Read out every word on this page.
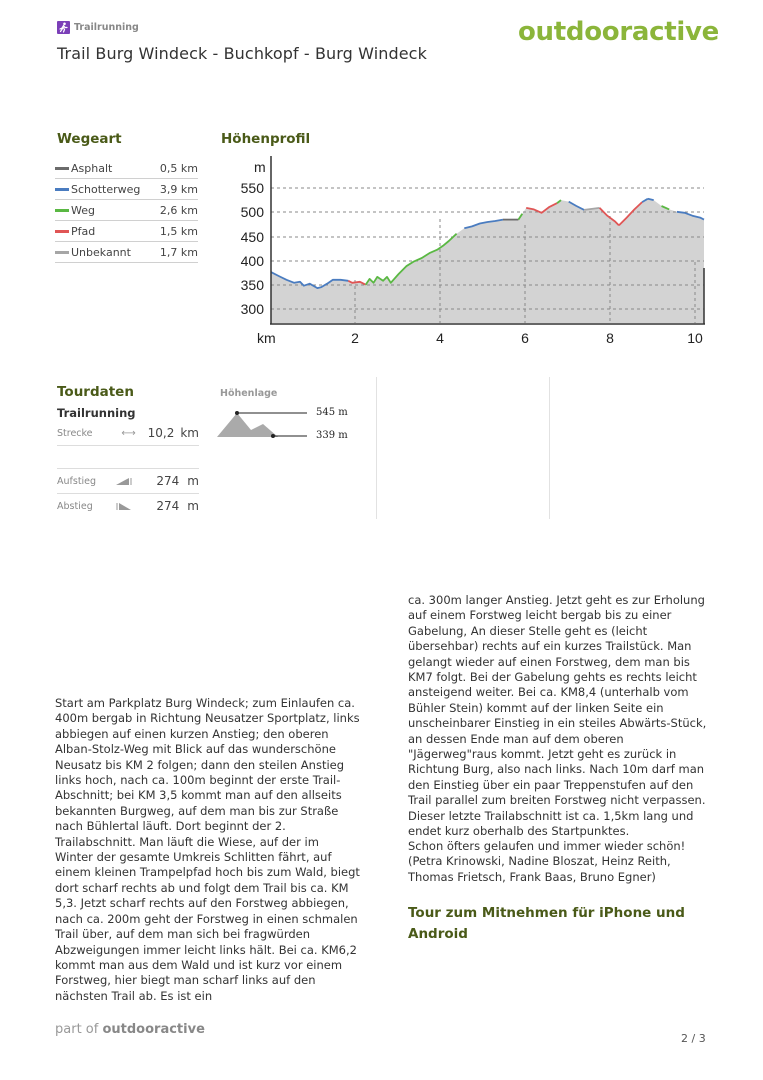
Trailrunning
Trail Burg Windeck - Buchkopf - Burg Windeck
outdooractive
Wegeart
Asphalt	0,5 km
Schotterweg 3,9 km
Weg	2,6 km
Pfad	1,5 km
Unbekannt	1,7 km
Höhenprofil
m
550
500
450
400
350
300
km	2	4	6	8	10
Tourdaten
Trailrunning
Strecke	⟷ 10,2 km
Aufstieg	274 m
Abstieg	274 m
Höhenlage
545 m
339 m
Start am Parkplatz Burg Windeck; zum Einlaufen ca. 400m bergab in Richtung Neusatzer Sportplatz, links abbiegen auf einen kurzen Anstieg; den oberen Alban-Stolz-Weg mit Blick auf das wunderschöne Neusatz bis KM 2 folgen; dann den steilen Anstieg links hoch, nach ca. 100m beginnt der erste Trail-Abschnitt; bei KM 3,5 kommt man auf den allseits bekannten Burgweg, auf dem man bis zur Straße nach Bühlertal läuft. Dort beginnt der 2. Trailabschnitt. Man läuft die Wiese, auf der im Winter der gesamte Umkreis Schlitten fährt, auf einem kleinen Trampelpfad hoch bis zum Wald, biegt dort scharf rechts ab und folgt dem Trail bis ca. KM 5,3. Jetzt scharf rechts auf den Forstweg abbiegen, nach ca. 200m geht der Forstweg in einen schmalen Trail über, auf dem man sich bei fragwürden Abzweigungen immer leicht links hält. Bei ca. KM6,2 kommt man aus dem Wald und ist kurz vor einem Forstweg, hier biegt man scharf links auf den nächsten Trail ab. Es ist ein
ca. 300m langer Anstieg. Jetzt geht es zur Erholung auf einem Forstweg leicht bergab bis zu einer Gabelung, An dieser Stelle geht es (leicht übersehbar) rechts auf ein kurzes Trailstück. Man gelangt wieder auf einen Forstweg, dem man bis KM7 folgt. Bei der Gabelung gehts es rechts leicht ansteigend weiter. Bei ca. KM8,4 (unterhalb vom Bühler Stein) kommt auf der linken Seite ein unscheinbarer Einstieg in ein steiles Abwärts-Stück, an dessen Ende man auf dem oberen "Jägerweg"raus kommt. Jetzt geht es zurück in Richtung Burg, also nach links. Nach 10m darf man den Einstieg über ein paar Treppenstufen auf den Trail parallel zum breiten Forstweg nicht verpassen. Dieser letzte Trailabschnitt ist ca. 1,5km lang und endet kurz oberhalb des Startpunktes.
Schon öfters gelaufen und immer wieder schön! (Petra Krinowski, Nadine Bloszat, Heinz Reith, Thomas Frietsch, Frank Baas, Bruno Egner)
Tour zum Mitnehmen für iPhone und Android
part of outdooractive
2 / 3
